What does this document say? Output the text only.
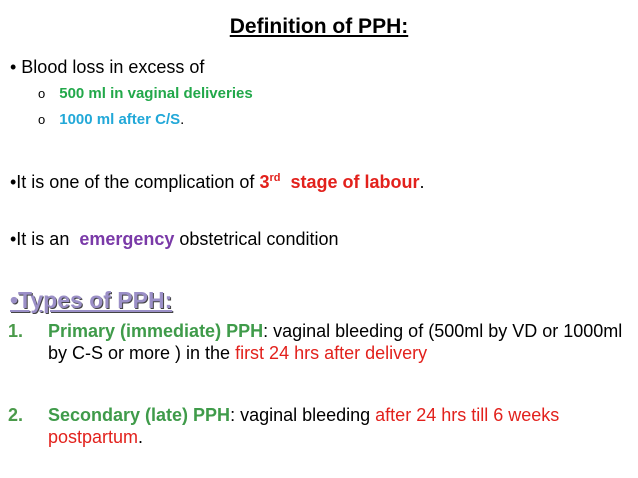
Definition of PPH:
• Blood loss in excess of
o 500 ml in vaginal deliveries
o 1000 ml after C/S.
•It is one of the complication of 3rd stage of labour.
•It is an  emergency obstetrical condition
•Types of PPH:
1. Primary (immediate) PPH: vaginal bleeding of (500ml by VD or 1000ml by C-S or more ) in the first 24 hrs after delivery
2. Secondary (late) PPH: vaginal bleeding after 24 hrs till 6 weeks postpartum.
